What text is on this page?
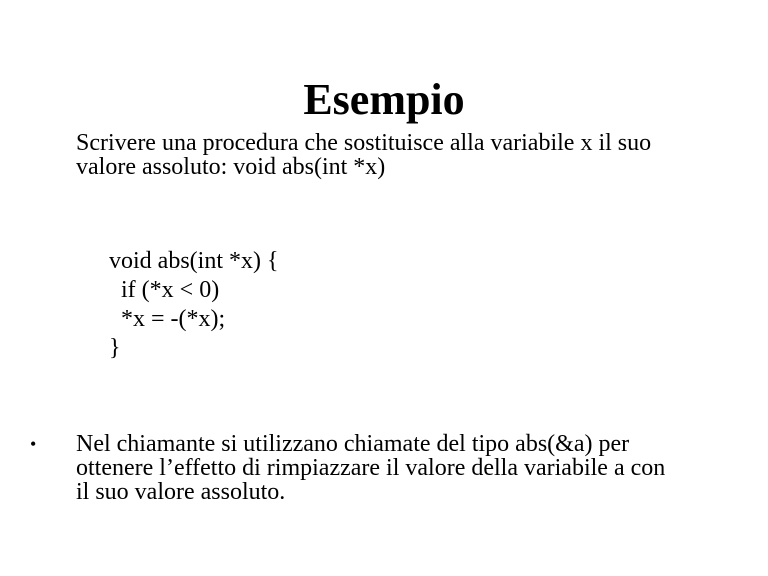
Esempio
Scrivere una procedura che sostituisce alla variabile x il suo
valore assoluto: void abs(int *x)
void abs(int *x) {
if (*x < 0)
*x = -(*x);
}
• Nel chiamante si utilizzano chiamate del tipo abs(&a) per
ottenere l’effetto di rimpiazzare il valore della variabile a con
il suo valore assoluto.
